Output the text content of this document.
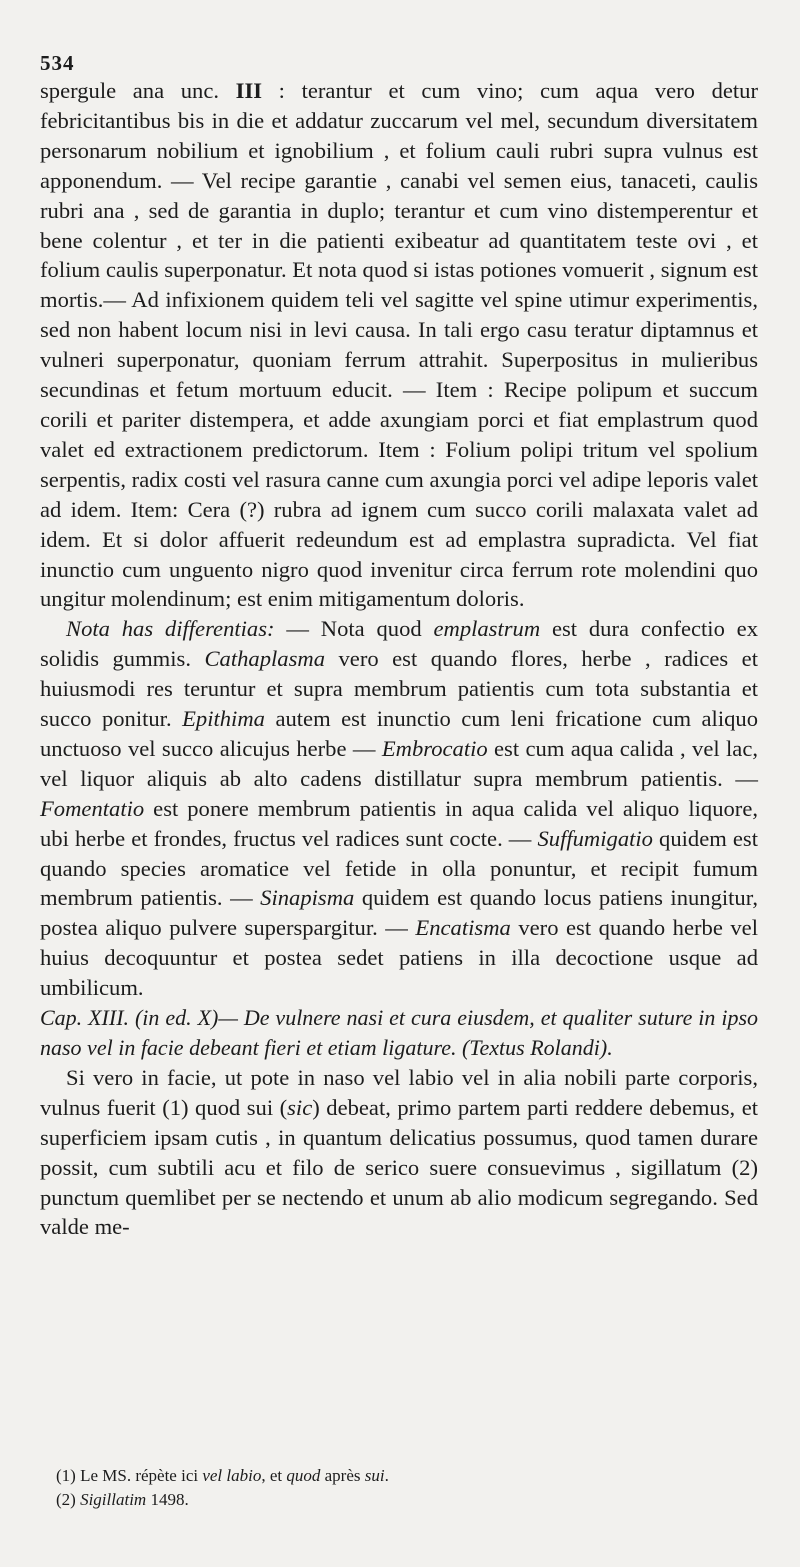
534

spergule ana unc. III : terantur et cum vino; cum aqua vero detur febricitantibus bis in die et addatur zuccarum vel mel, secundum diversitatem personarum nobilium et ignobilium , et folium cauli rubri supra vulnus est apponendum. — Vel recipe garantie , canabi vel semen eius, tanaceti, caulis rubri ana , sed de garantia in duplo; terantur et cum vino distemperentur et bene colentur , et ter in die patienti exibeatur ad quantitatem teste ovi , et folium caulis superponatur. Et nota quod si istas potiones vomuerit , signum est mortis.— Ad infixionem quidem teli vel sagitte vel spine utimur experimentis, sed non habent locum nisi in levi causa. In tali ergo casu teratur diptamnus et vulneri superponatur, quoniam ferrum attrahit. Superpositus in mulieribus secundinas et fetum mortuum educit. — Item : Recipe polipum et succum corili et pariter distempera, et adde axungiam porci et fiat emplastrum quod valet ed extractionem predictorum. Item : Folium polipi tritum vel spolium serpentis, radix costi vel rasura canne cum axungia porci vel adipe leporis valet ad idem. Item: Cera (?) rubra ad ignem cum succo corili malaxata valet ad idem. Et si dolor affuerit redeundum est ad emplastra supradicta. Vel fiat inunctio cum unguento nigro quod invenitur circa ferrum rote molendini quo ungitur molendinum; est enim mitigamentum doloris.

Nota has differentias: — Nota quod emplastrum est dura confectio ex solidis gummis. Cathaplasma vero est quando flores, herbe , radices et huiusmodi res teruntur et supra membrum patientis cum tota substantia et succo ponitur. Epithima autem est inunctio cum leni fricatione cum aliquo unctuoso vel succo alicujus herbe — Embrocatio est cum aqua calida , vel lac, vel liquor aliquis ab alto cadens distillatur supra membrum patientis. — Fomentatio est ponere membrum patientis in aqua calida vel aliquo liquore, ubi herbe et frondes, fructus vel radices sunt cocte. — Suffumigatio quidem est quando species aromatice vel fetide in olla ponuntur, et recipit fumum membrum patientis. — Sinapisma quidem est quando locus patiens inungitur, postea aliquo pulvere superspargitur. — Encatisma vero est quando herbe vel huius decoquuntur et postea sedet patiens in illa decoctione usque ad umbilicum.

Cap. XIII. (in ed. X)— De vulnere nasi et cura eiusdem, et qualiter suture in ipso naso vel in facie debeant fieri et etiam ligature. (Textus Rolandi).

Si vero in facie, ut pote in naso vel labio vel in alia nobili parte corporis, vulnus fuerit (1) quod sui (sic) debeat, primo partem parti reddere debemus, et superficiem ipsam cutis , in quantum delicatius possumus, quod tamen durare possit, cum subtili acu et filo de serico suere consuevimus , sigillatum (2) punctum quemlibet per se nectendo et unum ab alio modicum segregando. Sed valde me-

(1) Le MS. répète ici vel labio, et quod après sui.
(2) Sigillatim 1498.
